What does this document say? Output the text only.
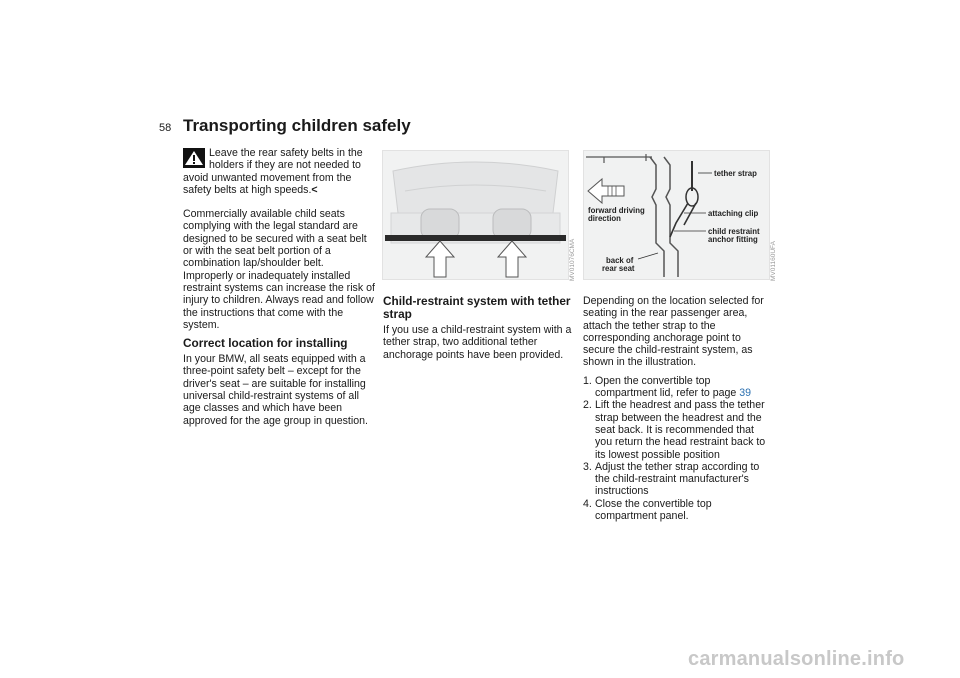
58 Transporting children safely

Leave the rear safety belts in the

holders if they are not needed to

avoid unwanted movement from the safety belts at high speeds.<

Commercially available child seats complying with the legal standard are designed to be secured with a seat belt or with the seat belt portion of a combination lap/shoulder belt. Improperly or inadequately installed restraint systems can increase the risk of injury to children. Always read and follow the instructions that come with the system.

Correct location for installing

In your BMW, all seats equipped with a three-point safety belt – except for the driver's seat – are suitable for installing universal child-restraint systems of all age classes and which have been approved for the age group in question.

MV01076CMA
Child-restraint system with tether strap

If you use a child-restraint system with a tether strap, two additional tether anchorage points have been provided.

tether strap
forward driving
direction
attaching clip
child restraint
anchor fitting
back of
rear seat	MV01160UFA

Depending on the location selected for seating in the rear passenger area, attach the tether strap to the corresponding anchorage point to secure the child-restraint system, as shown in the illustration.

1. Open the convertible top compartment lid, refer to page 39
2. Lift the headrest and pass the tether strap between the headrest and the seat back. It is recommended that you return the head restraint back to its lowest possible position
3. Adjust the tether strap according to the child-restraint manufacturer's instructions
4. Close the convertible top compartment panel.
carmanualsonline.info
